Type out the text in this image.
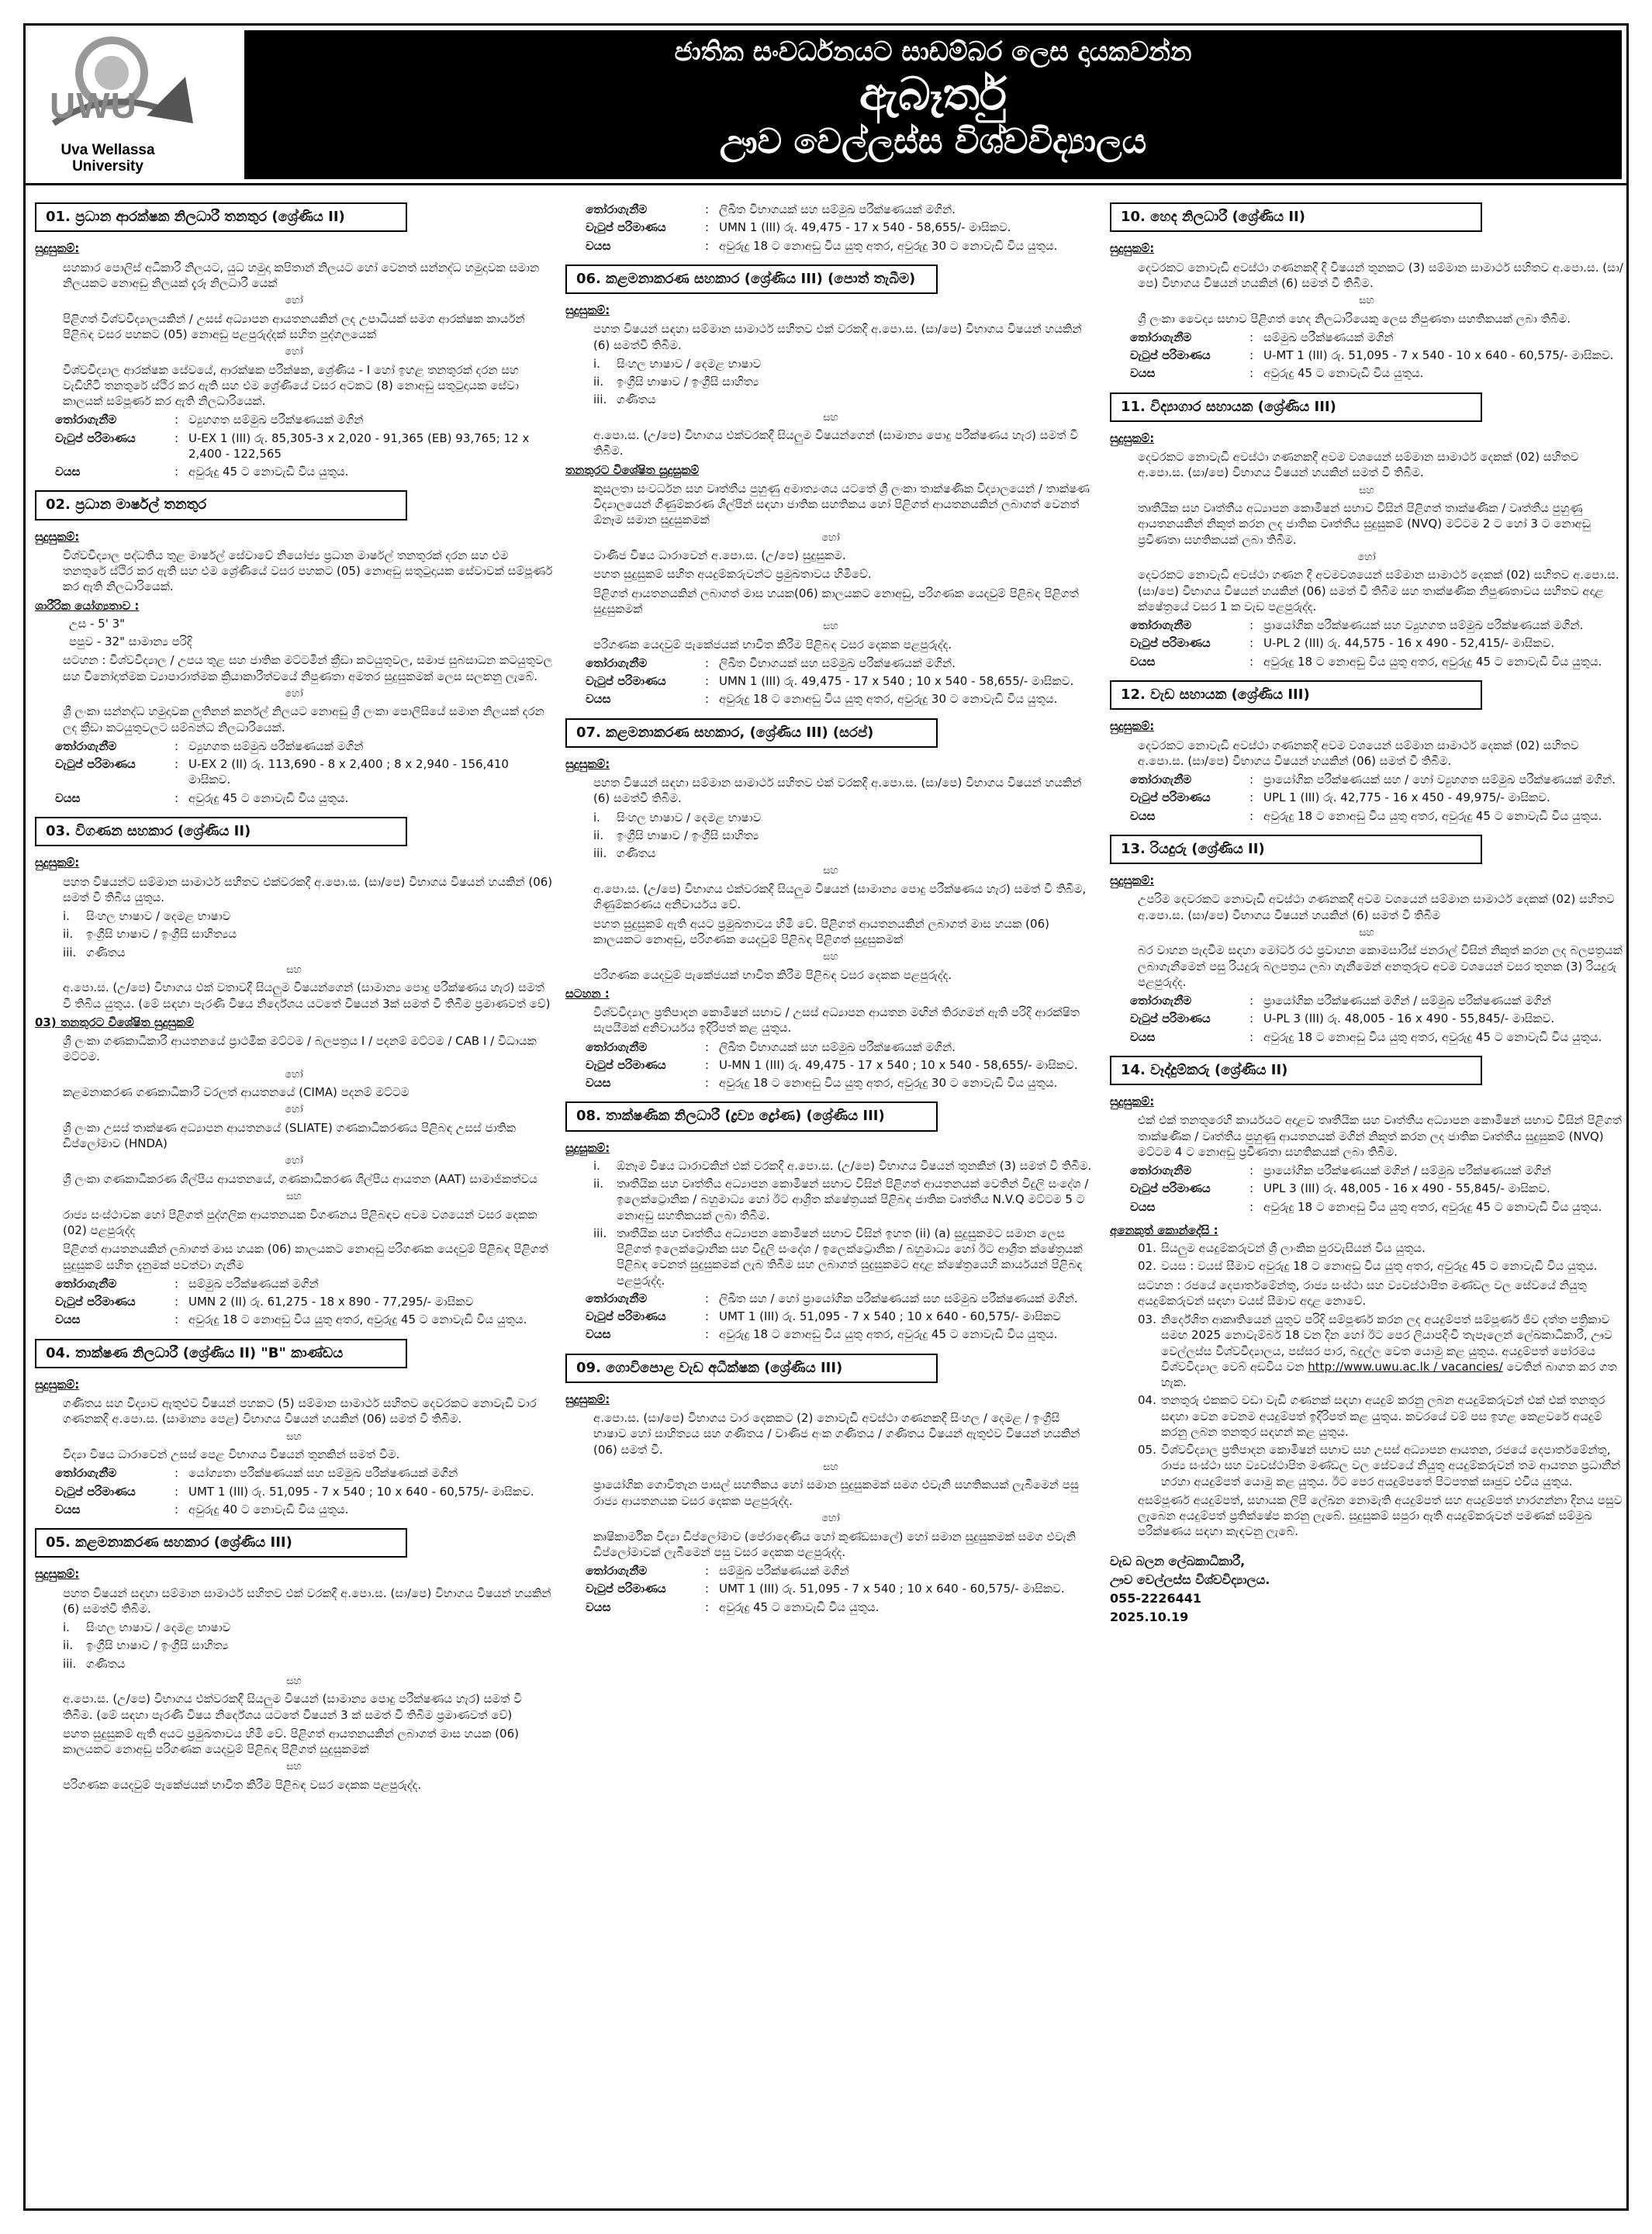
UWU
Uva Wellassa
University
ජාතික සංවර්ධනයට සාඩම්බර ලෙස දායකවන්න
ඇබෑර්තු
ඌව වෙල්ලස්ස විශ්වවිද්‍යාලය
01. ප්‍රධාන ආරක්ෂක නිලධාරී තනතුර (ශ්‍රේණිය II)
සුදුසුකම්:
සහකාර පොලිස් අධිකාරී නිලයට, යුධ හමුදා කපිතාන් නිලයට හෝ වෙනත් සන්නද්ධ හමුදාවක සමාන නිලයකට නොඅඩු නිලයක් දැරූ නිලධාරී යෙක්
හෝ
පිළිගත් විශ්වවිද්‍යාලයකින් / උසස් අධ්‍යාපන ආයතනයකින් ලද උපාධියක් සමග ආරක්ෂක කාර්යන් පිළිබඳ වසර පහකට (05) නොඅඩු පළපුරුද්දක් සහිත පුද්ගලයෙක්
හෝ
විශ්වවිද්‍යාල ආරක්ෂක සේවයේ, ආරක්ෂක පරීක්ෂක, ශ්‍රේණිය - I හෝ ඉහළ තනතුරක් දරන සහ වැඩිහිටි තනතුරේ ස්ථිර කර ඇති සහ එම ශ්‍රේණියේ වසර අටකට (8) නොඅඩු සතුටුදායක සේවා කාලයක් සම්පූර්ණ කර ඇති නිලධාරියෙක්.
තෝරාගැනීම	: ව්‍යුහගත සම්මුඛ පරීක්ෂණයක් මගින්
වැටුප් පරිමාණය	: U-EX 1 (III) රු. 85,305-3 x 2,020 - 91,365 (EB) 93,765; 12 x 2,400 - 122,565
වයස	: අවුරුදු 45 ට නොවැඩි විය යුතුය.
02. ප්‍රධාන මාර්ෂල් තනතුර
සුදුසුකම්:
විශ්වවිද්‍යාල පද්ධතිය තුළ මාර්ෂල් සේවාවේ නියෝජ්‍ය ප්‍රධාන මාර්ෂල් තනතුරක් දරන සහ එම තනතුරේ ස්ථිර කර ඇති සහ එම ශ්‍රේණියේ වසර පහකට (05) නොඅඩු සතුටුදායක සේවාවක් සම්පූර්ණ කර ඇති නිලධාරියෙක්.
ශාරීරික යෝග්‍යතාව :
උස - 5' 3"
පපුව - 32" සාමාන්‍ය පරිදි
සටහන : විශ්වවිද්‍යාල / උපය තුළ සහ ජාතික මට්ටමින් ක්‍රීඩා කටයුතුවල, සමාජ සුබසාධන කටයුතුවල සහ විනෝදාත්මක ව්‍යාපාරාත්මක ක්‍රියාකාරීත්වයේ නිපුණතා අමතර සුදුසුකමක් ලෙස සලකනු ලැබේ.
හෝ
ශ්‍රී ලංකා සන්නද්ධ හමුදාවක ලුතිනන් කර්නල් නිලයට නොඅඩු ශ්‍රී ලංකා පොලිසියේ සමාන නිලයක් දරන ලද ක්‍රීඩා කටයුතුවලට සම්බන්ධ නිලධාරියෙක්.
තෝරාගැනීම	: ව්‍යුහගත සම්මුඛ පරීක්ෂණයක් මගින්
වැටුප් පරිමාණය	: U-EX 2 (II) රු. 113,690 - 8 x 2,400 ; 8 x 2,940 - 156,410 මාසිකව.
වයස	: අවුරුදු 45 ට නොවැඩි විය යුතුය.
03. විගණන සහකාර (ශ්‍රේණිය II)
සුදුසුකම්:
පහත විෂයන්ට සම්මාන සාමාර්ථ සහිතව එක්වරකදී අ.පො.ස. (සා/පෙ) විභාගය විෂයන් හයකින් (06) සමත් වී තිබිය යුතුය.
i.	සිංහල භාෂාව / දෙමළ භාෂාව
ii.	ඉංග්‍රීසි භාෂාව / ඉංග්‍රීසි සාහිත්‍යය
iii. ගණිතය
සහ
අ.පො.ස. (උ/පෙ) විභාගය එක් වතාවදී සියලුම විෂයන්ගෙන් (සාමාන්‍ය පොදු පරීක්ෂණය හැර) සමත් වී තිබිය යුතුය. (මේ සඳහා පැරණි විෂය නිර්දේශය යටතේ විෂයන් 3ක් සමත් වී තිබීම ප්‍රමාණවත් වේ)
03) තනතුරට විශේෂිත සුදුසුකම්
ශ්‍රී ලංකා ගණකාධිකාරී ආයතනයේ ප්‍රාථමික මට්ටම / බලපත්‍රය I / පදනම් මට්ටම / CAB I / විධායක මට්ටම.
හෝ
කළමනාකරණ ගණකාධිකාරී වරලත් ආයතනයේ (CIMA) පදනම් මට්ටම
හෝ
ශ්‍රී ලංකා උසස් තාක්ෂණ අධ්‍යාපන ආයතනයේ (SLIATE) ගණකාධිකරණය පිළිබඳ උසස් ජාතික ඩිප්ලෝමාව (HNDA)
හෝ
ශ්‍රී ලංකා ගණකාධිකරණ ශිල්පීය ආයතනයේ, ගණකාධිකරණ ශිල්පීය ආයතන (AAT) සාමාජිකත්වය
සහ
රාජ්‍ය සංස්ථාවක හෝ පිළිගත් පුද්ගලික ආයතනයක විගණනය පිළිබඳව අවම වශයෙන් වසර දෙකක (02) පළපුරුද්ද
පිළිගත් ආයතනයකින් ලබාගත් මාස හයක (06) කාලයකට නොඅඩු පරිගණක යෙදවුම් පිළිබඳ පිළිගත් සුදුසුකම් සහිත දැනුමක් පවත්වා ගැනීම
තෝරාගැනීම	: සම්මුඛ පරීක්ෂණයක් මගින්
වැටුප් පරිමාණය	: UMN 2 (II) රු. 61,275 - 18 x 890 - 77,295/- මාසිකව
වයස	: අවුරුදු 18 ට නොඅඩු විය යුතු අතර, අවුරුදු 45 ට නොවැඩි විය යුතුය.
04. තාක්ෂණ නිලධාරී (ශ්‍රේණිය II) "B" කාණ්ඩය
සුදුසුකම්:
ගණිතය සහ විද්‍යාව ඇතුළුව විෂයන් පහකට (5) සම්මාන සාමාර්ථ සහිතව දෙවරකට නොවැඩි වාර ගණනකදී අ.පො.ස. (සාමාන්‍ය පෙළ) විභාගය විෂයන් හයකින් (06) සමත් වී තිබීම.
සහ
විද්‍යා විෂය ධාරාවෙන් උසස් පෙළ විභාගය විෂයන් තුනකින් සමත් වීම.
තෝරාගැනීම	: යෝග්‍යතා පරීක්ෂණයක් සහ සම්මුඛ පරීක්ෂණයක් මගින්
වැටුප් පරිමාණය	: UMT 1 (III) රු. 51,095 - 7 x 540 ; 10 x 640 - 60,575/- මාසිකව.
වයස	: අවුරුදු 40 ට නොවැඩි විය යුතුය.
05. කළමනාකරණ සහකාර (ශ්‍රේණිය III)
සුදුසුකම්:
පහත විෂයන් සඳහා සම්මාන සාමාර්ථ සහිතව එක් වරකදී අ.පො.ස. (සා/පෙ) විභාගය විෂයන් හයකින් (6) සමත්වී තිබීම.
i.	සිංහල භාෂාව / දෙමළ භාෂාව
ii.	ඉංග්‍රීසි භාෂාව / ඉංග්‍රීසි සාහිත්‍ය
iii. ගණිතය
සහ
අ.පො.ස. (උ/පෙ) විභාගය එක්වරකදී සියලුම විෂයන් (සාමාන්‍ය පොදු පරීක්ෂණය හැර) සමත් වී තිබීම. (මේ සඳහා පැරණි විෂය නිර්දේශය යටතේ විෂයන් 3 ක් සමත් වී තිබීම ප්‍රමාණවත් වේ)
පහත සුදුසුකම් ඇති අයට ප්‍රමුඛතාවය හිමි වේ. පිළිගත් ආයතනයකින් ලබාගත් මාස හයක (06) කාලයකට නොඅඩු පරිගණක යෙදවුම් පිළිබඳ පිළිගත් සුදුසුකමක්
සහ
පරිගණක යෙදවුම් පැකේජයක් භාවිත කිරීම පිළිබඳ වසර දෙකක පළපුරුද්ද.
තෝරාගැනීම	: ලිඛිත විභාගයක් සහ සම්මුඛ පරීක්ෂණයක් මගින්.
වැටුප් පරිමාණය	: UMN 1 (III) රු. 49,475 - 17 x 540 - 58,655/- මාසිකව.
වයස	: අවුරුදු 18 ට නොඅඩු විය යුතු අතර, අවුරුදු 30 ට නොවැඩි විය යුතුය.
06. කළමනාකරණ සහකාර (ශ්‍රේණිය III) (පොත් තැබීම)
සුදුසුකම්:
පහත විෂයන් සඳහා සම්මාන සාමාර්ථ සහිතව එක් වරකදී අ.පො.ස. (සා/පෙ) විභාගය විෂයන් හයකින් (6) සමත්වී තිබීම.
i.	සිංහල භාෂාව / දෙමළ භාෂාව
ii.	ඉංග්‍රීසි භාෂාව / ඉංග්‍රීසි සාහිත්‍ය
iii. ගණිතය
සහ
අ.පො.ස. (උ/පෙ) විභාගය එක්වරකදී සියලුම විෂයන්ගෙන් (සාමාන්‍ය පොදු පරීක්ෂණය හැර) සමත් වී තිබීම.
තනතුරට විශේෂිත සුදුසුකම්
කුසලතා සංවර්ධන සහ වෘත්තීය පුහුණු අමාත්‍යංශය යටතේ ශ්‍රී ලංකා තාක්ෂණික විද්‍යාලයෙන් / තාක්ෂණ විද්‍යාලයෙන් ගිණුම්කරණ ශිල්පීන් සඳහා ජාතික සහතිකය හෝ පිළිගත් ආයතනයකින් ලබාගත් වෙනත් ඕනෑම සමාන සුදුසුකමක්
හෝ
වාණිජ විෂය ධාරාවෙන් අ.පො.ස. (උ/පෙ) සුදුසුකම.
පහත සුදුසුකම් සහිත අයදුම්කරුවන්ට ප්‍රමුඛතාවය හිමිවේ.
පිළිගත් ආයතනයකින් ලබාගත් මාස හයක(06) කාලයකට නොඅඩු, පරිගණක යෙදවුම් පිළිබඳ පිළිගත් සුදුසුකමක්
සහ
පරිගණක යෙදවුම් පැකේජයක් භාවිත කිරීම පිළිබඳ වසර දෙකක පළපුරුද්ද.
තෝරාගැනීම	: ලිඛිත විභාගයක් සහ සම්මුඛ පරීක්ෂණයක් මගින්.
වැටුප් පරිමාණය	: UMN 1 (III) රු. 49,475 - 17 x 540 ; 10 x 540 - 58,655/- මාසිකව.
වයස	: අවුරුදු 18 ට නොඅඩු විය යුතු අතර, අවුරුදු 30 ට නොවැඩි විය යුතුය.
07. කළමනාකරණ සහකාර, (ශ්‍රේණිය III) (සරප්)
සුදුසුකම්:
පහත විෂයන් සඳහා සම්මාන සාමාර්ථ සහිතව එක් වරකදී අ.පො.ස. (සා/පෙ) විභාගය විෂයන් හයකින් (6) සමත්වී තිබීම.
i.	සිංහල භාෂාව / දෙමළ භාෂාව
ii.	ඉංග්‍රීසි භාෂාව / ඉංග්‍රීසි සාහිත්‍ය
iii. ගණිතය
සහ
අ.පො.ස. (උ/පෙ) විභාගය එක්වරකදී සියලුම විෂයන් (සාමාන්‍ය පොදු පරීක්ෂණය හැර) සමත් වී තිබීම, ගිණුම්කරණය අනිවාර්යය වේ.
පහත සුදුසුකම් ඇති අයට ප්‍රමුඛතාවය හිමි වේ. පිළිගත් ආයතනයකින් ලබාගත් මාස හයක (06) කාලයකට නොඅඩු, පරිගණක යෙදවුම් පිළිබඳ පිළිගත් සුදුසුකමක්
සහ
පරිගණක යෙදවුම් පැකේජයක් භාවිත කිරීම පිළිබඳ වසර දෙකක පළපුරුද්ද.
සටහන :
විශ්වවිද්‍යාල ප්‍රතිපාදන කොමිෂන් සභාව / උසස් අධ්‍යාපන ආයතන මඟින් තිරගමන් ඇති පරිදි ආරක්ෂිත සැපයීමක් අනිවාර්යය ඉදිරිපත් කළ යුතුය.
තෝරාගැනීම	: ලිඛිත විභාගයක් සහ සම්මුඛ පරීක්ෂණයක් මගින්.
වැටුප් පරිමාණය	: U-MN 1 (III) රු. 49,475 - 17 x 540 ; 10 x 540 - 58,655/- මාසිකව.
වයස	: අවුරුදු 18 ට නොඅඩු විය යුතු අතර, අවුරුදු 30 ට නොවැඩි විය යුතුය.
08. තාක්ෂණික නිලධාරී (ද්‍රව්‍ය ද්‍රෝණ) (ශ්‍රේණිය III)
සුදුසුකම්:
i.	ඕනෑම විෂය ධාරාවකින් එක් වරකදී අ.පො.ස. (උ/පෙ) විභාගය විෂයන් තුනකින් (3) සමත් වී තිබීම.
ii.	තෘතීයික සහ වෘත්තීය අධ්‍යාපන කොමිෂන් සභාව විසින් පිළිගත් ආයතනයක් වෙතින් විදුලි සංදේශ / ඉලෙක්ට්‍රොනික / බහුමාධ්‍ය හෝ ඊට ආශ්‍රිත ක්ෂේත්‍රයක් පිළිබඳ ජාතික වෘත්තීය N.V.Q මට්ටම 5 ට නොඅඩු සහතිකයක් ලබා තිබීම.
iii. තෘතීයික සහ වෘත්තීය අධ්‍යාපන කොමිෂන් සභාව විසින් ඉහත (ii) (a) සුදුසුකමට සමාන ලෙස පිළිගත් ඉලෙක්ට්‍රොනික සහ විදුලි සංදේශ / ඉලෙක්ට්‍රොනික / බහුමාධ්‍ය හෝ ඊට ආශ්‍රිත ක්ෂේත්‍රයක් පිළිබඳ වෙනත් සුදුසුකමක් ලැබ තිබීම සහ ලබාගත් සුදුසුකමට අදාළ ක්ෂේත්‍රයෙහි කාර්යයන් පිළිබඳ පළපුරුද්ද.
තෝරාගැනීම	: ලිඛිත සහ / හෝ ප්‍රායෝගික පරීක්ෂණයක් සහ සම්මුඛ පරීක්ෂණයක් මගින්.
වැටුප් පරිමාණය	: UMT 1 (III) රු. 51,095 - 7 x 540 ; 10 x 640 - 60,575/- මාසිකව
වයස	: අවුරුදු 18 ට නොඅඩු විය යුතු අතර, අවුරුදු 45 ට නොවැඩි විය යුතුය.
09. ගොවිපොළ වැඩ අධීක්ෂක (ශ්‍රේණිය III)
සුදුසුකම්:
අ.පො.ස. (සා/පෙ) විභාගය වාර දෙකකට (2) නොවැඩි අවස්ථා ගණනකදී සිංහල / දෙමළ / ඉංග්‍රීසි භාෂාව හෝ සාහිත්‍යය සහ ගණිතය / වාණිජ අංක ගණිතය / ගණිතය විෂයන් ඇතුළුව විෂයන් හයකින් (06) සමත් වී.
සහ
ප්‍රායෝගික ගොවිතැන පාසල් සහතිකය හෝ සමාන සුදුසුකමක් සමග එවැනි සහතිකයක් ලැබීමෙන් පසු රාජ්‍ය ආයතනයක වසර දෙකක පළපුරුද්ද.
හෝ
කෘෂිකාර්මික විද්‍යා ඩිප්ලෝමාව (පේරාදෙණිය හෝ කුණ්ඩසාලේ) හෝ සමාන සුදුසුකමක් සමග එවැනි ඩිප්ලෝමාවක් ලැබීමෙන් පසු වසර දෙකක පළපුරුද්ද.
තෝරාගැනීම	: සම්මුඛ පරීක්ෂණයක් මගින්
වැටුප් පරිමාණය	: UMT 1 (III) රු. 51,095 - 7 x 540 ; 10 x 640 - 60,575/- මාසිකව.
වයස	: අවුරුදු 45 ට නොවැඩි විය යුතුය.
10. හෙද නිලධාරී (ශ්‍රේණිය II)
සුදුසුකම්:
දෙවරකට නොවැඩි අවස්ථා ගණනකදී දී විෂයන් තුනකට (3) සම්මාන සාමාර්ථ සහිතව අ.පො.ස. (සා/පෙ) විභාගය විෂයන් හයකින් (6) සමත් වී තිබීම.
සහ
ශ්‍රී ලංකා වෛද්‍ය සභාව පිළිගත් හෙද නිලධාරියෙකු ලෙස නිපුණතා සහතිකයක් ලබා තිබීම.
තෝරාගැනීම	: සම්මුඛ පරීක්ෂණයක් මගින්
වැටුප් පරිමාණය	: U-MT 1 (III) රු. 51,095 - 7 x 540 - 10 x 640 - 60,575/- මාසිකව.
වයස	: අවුරුදු 45 ට නොවැඩි විය යුතුය.
11. විද්‍යාගාර සහායක (ශ්‍රේණිය III)
සුදුසුකම්:
දෙවරකට නොවැඩි අවස්ථා ගණනකදී අවම වශයෙන් සම්මාන සාමාර්ථ දෙකක් (02) සහිතව අ.පො.ස. (සා/පෙ) විභාගය විෂයන් හයකින් සමත් වී තිබීම.
සහ
තෘතීයික සහ වෘත්තීය අධ්‍යාපන කොමිෂන් සභාව විසින් පිළිගත් තාක්ෂණික / වෘත්තීය පුහුණු ආයතනයකින් නිකුත් කරන ලද ජාතික වෘත්තීය සුදුසුකම් (NVQ) මට්ටම 2 ට හෝ 3 ට නොඅඩු ප්‍රවීණතා සහතිකයක් ලබා තිබීම.
හෝ
දෙවරකට නොවැඩි අවස්ථා ගණන දී අවමවශයෙන් සම්මාන සාමාර්ථ දෙකක් (02) සහිතව අ.පො.ස. (සා/පෙ) විභාගය විෂයන් හයකින් (06) සමත් වී තිබීම සහ තාක්ෂණික නිපුණතාවය සහිතව අදාළ ක්ෂේත්‍රයේ වසර 1 ක වැඩ පළපුරුද්ද.
තෝරාගැනීම	: ප්‍රායෝගික පරීක්ෂණයක් සහ ව්‍යුහගත සම්මුඛ පරීක්ෂණයක් මගින්.
වැටුප් පරිමාණය	: U-PL 2 (III) රු. 44,575 - 16 x 490 - 52,415/- මාසිකව.
වයස	: අවුරුදු 18 ට නොඅඩු විය යුතු අතර, අවුරුදු 45 ට නොවැඩි විය යුතුය.
12. වැඩ සහායක (ශ්‍රේණිය III)
සුදුසුකම්:
දෙවරකට නොවැඩි අවස්ථා ගණනකදී අවම වශයෙන් සම්මාන සාමාර්ථ දෙකක් (02) සහිතව අ.පො.ස. (සා/පෙ) විභාගය විෂයන් හයකින් (06) සමත් වී තිබීම.
තෝරාගැනීම	: ප්‍රායෝගික පරීක්ෂණයක් සහ / හෝ ව්‍යුහගත සම්මුඛ පරීක්ෂණයක් මගින්.
වැටුප් පරිමාණය	: UPL 1 (III) රු. 42,775 - 16 x 450 - 49,975/- මාසිකව.
වයස	: අවුරුදු 18 ට නොඅඩු විය යුතු අතර, අවුරුදු 45 ට නොවැඩි විය යුතුය.
13. රියදුරු (ශ්‍රේණිය II)
සුදුසුකම්:
උපරිම දෙවරකට නොවැඩි අවස්ථා ගණනකදී අවම වශයෙන් සම්මාන සාමාර්ථ දෙකක් (02) සහිතව අ.පො.ස. (සා/පෙ) විභාගය විෂයන් හයකින් (6) සමත් වී තිබීම
සහ
බර වාහන පැදවීම සඳහා මෝටර් රථ ප්‍රවාහන කොමසාරිස් ජනරාල් විසින් නිකුත් කරන ලද බලපත්‍රයක් ලබාගැනීමෙන් පසු රියදුරු බලපත්‍රය ලබා ගැනීමෙන් අනතුරුව අවම වශයෙන් වසර තුනක (3) රියදුරු පළපුරුද්ද.
තෝරාගැනීම	: ප්‍රායෝගික පරීක්ෂණයක් මගින් / සම්මුඛ පරීක්ෂණයක් මගින්
වැටුප් පරිමාණය	: U-PL 3 (III) රු. 48,005 - 16 x 490 - 55,845/- මාසිකව.
වයස	: අවුරුදු 18 ට නොඅඩු විය යුතු අතර, අවුරුදු 45 ට නොවැඩි විය යුතුය.
14. වෑද්දුම්කරු (ශ්‍රේණිය II)
සුදුසුකම්:
එක් එක් තනතුරෙහි කාර්යයට අදාළව තෘතීයික සහ වෘත්තීය අධ්‍යාපන කොමිෂන් සභාව විසින් පිළිගත් තාක්ෂණික / වෘත්තීය පුහුණු ආයතනයක් මගින් නිකුත් කරන ලද ජාතික වෘත්තීය සුදුසුකම් (NVQ) මට්ටම 4 ට නොඅඩු ප්‍රවීණතා සහතිකයක් ලබා තිබීම.
තෝරාගැනීම	: ප්‍රායෝගික පරීක්ෂණයක් මගින් / සම්මුඛ පරීක්ෂණයක් මගින්
වැටුප් පරිමාණය	: UPL 3 (III) රු. 48,005 - 16 x 490 - 55,845/- මාසිකව.
වයස	: අවුරුදු 18 ට නොඅඩු විය යුතු අතර, අවුරුදු 45 ට නොවැඩි විය යුතුය.
අනෙකුත් කොන්දේසි :
01. සියලුම අයදුම්කරුවන් ශ්‍රී ලාංකික පුරවැසියන් විය යුතුය.
02. වයස : වයස් සීමාව අවුරුදු 18 ට නොඅඩු විය යුතු අතර, අවුරුදු 45 ට නොවැඩි විය යුතුය.
සටහන : රජයේ දෙපාර්තමේන්තු, රාජ්‍ය සංස්ථා සහ ව්‍යවස්ථාපිත මණ්ඩල වල සේවයේ නියුතු අයදුම්කරුවන් සඳහා වයස් සීමාව අදාළ නොවේ.
03. නිර්දේශිත ආකෘතියෙන් යුතුව පරිදි සම්පූර්ණ කරන ලද අයදුම්පත් සම්පූර්ණ ජීව දත්ත පත්‍රිකාව සමඟ 2025 නොවැම්බර් 18 වන දින හෝ ඊට පෙර ලියාපදිංචි තැපෑලෙන් ලේඛකාධිකාරී, ඌව වෙල්ලස්ස විශ්වවිද්‍යාලය, පස්සර පාර, බදුල්ල වෙත යොමු කළ යුතුය. අයදුම්පත් පෝරමය විශ්වවිද්‍යාල වෙබ් අඩවිය වන http://www.uwu.ac.lk / vacancies/ වෙතින් බාගත කර ගත හැක.
04. තනතුරු එකකට වඩා වැඩි ගණනක් සඳහා අයදුම් කරනු ලබන අයදුම්කරුවන් එක් එක් තනතුර සඳහා වෙන වෙනම අයදුම්පත් ඉදිරිපත් කළ යුතුය. කවරයේ වම් පස ඉහළ කෙළවරේ අයදුම් කරනු ලබන තනතුර සඳහන් කළ යුතුය.
05. විශ්වවිද්‍යාල ප්‍රතිපාදන කොමිෂන් සභාව සහ උසස් අධ්‍යාපන ආයතන, රජයේ දෙපාර්තමේන්තු, රාජ්‍ය සංස්ථා සහ ව්‍යවස්ථාපිත මණ්ඩල වල සේවයේ නියුතු අයදුම්කරුවන් තම ආයතන ප්‍රධානීන් හරහා අයදුම්පත් යොමු කළ යුතුය. ඊට පෙර අයදුම්පතේ පිටපතක් සෘජුව එවිය යුතුය.
අසම්පූර්ණ අයදුම්පත්, සහායක ලිපි ලේඛන නොමැති අයදුම්පත් සහ අයදුම්පත් භාරගන්නා දිනය පසුව ලැබෙන අයදුම්පත් ප්‍රතික්ෂේප කරනු ලැබේ. සුදුසුකම් සපුරා ඇති අයදුම්කරුවන් පමණක් සම්මුඛ පරීක්ෂණය සඳහා කැඳවනු ලැබේ.
වැඩ බලන ලේඛකාධිකාරී,
ඌව වෙල්ලස්ස විශ්වවිද්‍යාලය.
055-2226441
2025.10.19
